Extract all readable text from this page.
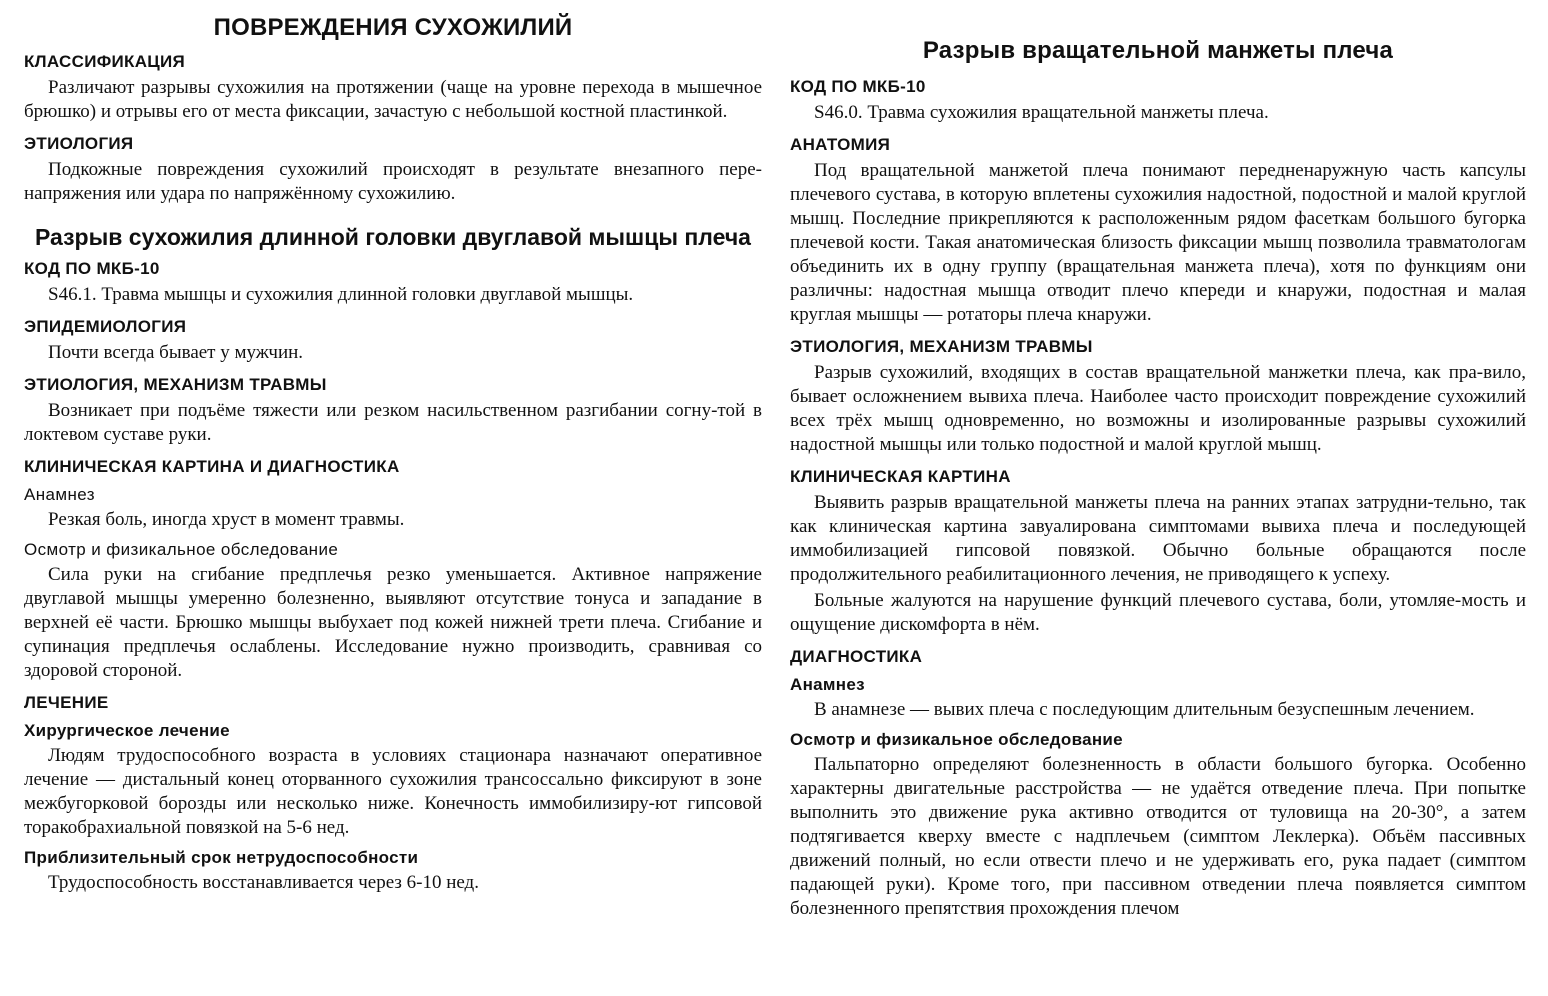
ПОВРЕЖДЕНИЯ СУХОЖИЛИЙ
КЛАССИФИКАЦИЯ

Различают разрывы сухожилия на протяжении (чаще на уровне перехода в мышечное брюшко) и отрывы его от места фиксации, зачастую с небольшой костной пластинкой.

ЭТИОЛОГИЯ

Подкожные повреждения сухожилий происходят в результате внезапного пере-напряжения или удара по напряжённому сухожилию.

Разрыв сухожилия длинной головки двуглавой мышцы плеча
КОД ПО МКБ-10

S46.1. Травма мышцы и сухожилия длинной головки двуглавой мышцы.

ЭПИДЕМИОЛОГИЯ

Почти всегда бывает у мужчин.

ЭТИОЛОГИЯ, МЕХАНИЗМ ТРАВМЫ

Возникает при подъёме тяжести или резком насильственном разгибании согну-той в локтевом суставе руки.

КЛИНИЧЕСКАЯ КАРТИНА И ДИАГНОСТИКА
Анамнез

Резкая боль, иногда хруст в момент травмы.

Осмотр и физикальное обследование

Сила руки на сгибание предплечья резко уменьшается. Активное напряжение двуглавой мышцы умеренно болезненно, выявляют отсутствие тонуса и западание в верхней её части. Брюшко мышцы выбухает под кожей нижней трети плеча. Сгибание и супинация предплечья ослаблены. Исследование нужно производить, сравнивая со здоровой стороной.

ЛЕЧЕНИЕ
Хирургическое лечение

Людям трудоспособного возраста в условиях стационара назначают оперативное лечение — дистальный конец оторванного сухожилия трансоссально фиксируют в зоне межбугорковой борозды или несколько ниже. Конечность иммобилизиру-ют гипсовой торакобрахиальной повязкой на 5-6 нед.

Приблизительный срок нетрудоспособности

Трудоспособность восстанавливается через 6-10 нед.

Разрыв вращательной манжеты плеча
КОД ПО МКБ-10

S46.0. Травма сухожилия вращательной манжеты плеча.

АНАТОМИЯ

Под вращательной манжетой плеча понимают передненаружную часть капсулы плечевого сустава, в которую вплетены сухожилия надостной, подостной и малой круглой мышц. Последние прикрепляются к расположенным рядом фасеткам большого бугорка плечевой кости. Такая анатомическая близость фиксации мышц позволила травматологам объединить их в одну группу (вращательная манжета плеча), хотя по функциям они различны: надостная мышца отводит плечо кпереди и кнаружи, подостная и малая круглая мышцы — ротаторы плеча кнаружи.

ЭТИОЛОГИЯ, МЕХАНИЗМ ТРАВМЫ

Разрыв сухожилий, входящих в состав вращательной манжетки плеча, как пра-вило, бывает осложнением вывиха плеча. Наиболее часто происходит повреждение сухожилий всех трёх мышц одновременно, но возможны и изолированные разрывы сухожилий надостной мышцы или только подостной и малой круглой мышц.

КЛИНИЧЕСКАЯ КАРТИНА

Выявить разрыв вращательной манжеты плеча на ранних этапах затрудни-тельно, так как клиническая картина завуалирована симптомами вывиха плеча и последующей иммобилизацией гипсовой повязкой. Обычно больные обращаются после продолжительного реабилитационного лечения, не приводящего к успеху.

Больные жалуются на нарушение функций плечевого сустава, боли, утомляе-мость и ощущение дискомфорта в нём.

ДИАГНОСТИКА
Анамнез

В анамнезе — вывих плеча с последующим длительным безуспешным лечением.

Осмотр и физикальное обследование

Пальпаторно определяют болезненность в области большого бугорка. Особенно характерны двигательные расстройства — не удаётся отведение плеча. При попытке выполнить это движение рука активно отводится от туловища на 20-30°, а затем подтягивается кверху вместе с надплечьем (симптом Леклерка). Объём пассивных движений полный, но если отвести плечо и не удерживать его, рука падает (симптом падающей руки). Кроме того, при пассивном отведении плеча появляется симптом болезненного препятствия прохождения плечом
